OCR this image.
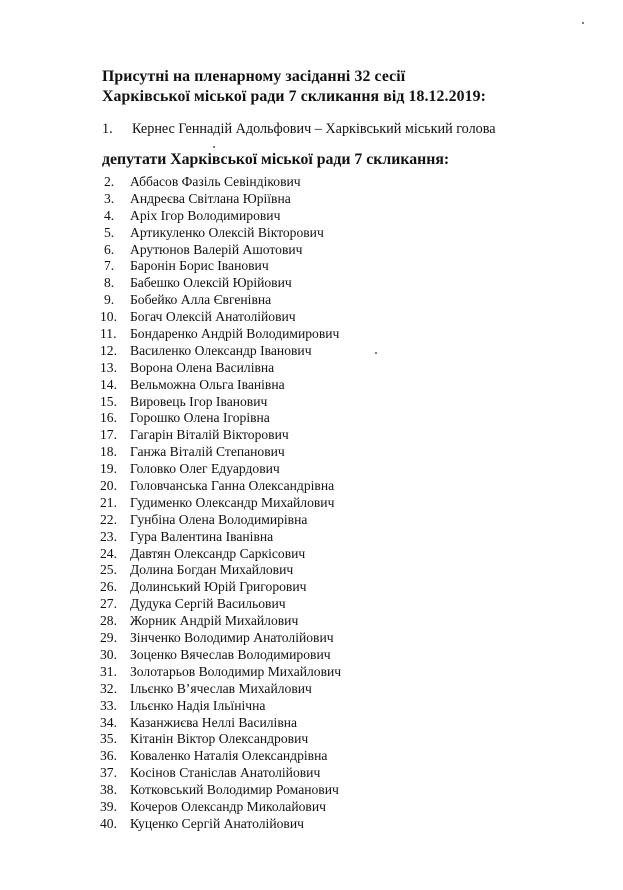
Присутні на пленарному засіданні 32 сесії
Харківської міської ради 7 скликання від 18.12.2019:
1. Кернес Геннадій Адольфович – Харківський міський голова
депутати Харківської міської ради 7 скликання:
2. Аббасов Фазіль Севіндікович
3. Андреєва Світлана Юріївна
4. Аріх Ігор Володимирович
5. Артикуленко Олексій Вікторович
6. Арутюнов Валерій Ашотович
7. Баронін Борис Іванович
8. Бабешко Олексій Юрійович
9. Бобейко Алла Євгенівна
10. Богач Олексій Анатолійович
11. Бондаренко Андрій Володимирович
12. Василенко Олександр Іванович
13. Ворона Олена Василівна
14. Вельможна Ольга Іванівна
15. Вировець Ігор Іванович
16. Горошко Олена Ігорівна
17. Гагарін Віталій Вікторович
18. Ганжа Віталій Степанович
19. Головко Олег Едуардович
20. Головчанська Ганна Олександрівна
21. Гудименко Олександр Михайлович
22. Гунбіна Олена Володимирівна
23. Гура Валентина Іванівна
24. Давтян Олександр Саркісович
25. Долина Богдан Михайлович
26. Долинський Юрій Григорович
27. Дудука Сергій Васильович
28. Жорник Андрій Михайлович
29. Зінченко Володимир Анатолійович
30. Зоценко Вячеслав Володимирович
31. Золотарьов Володимир Михайлович
32. Ільєнко В’ячеслав Михайлович
33. Ільєнко Надія Ільїнічна
34. Казанжиєва Неллі Василівна
35. Кітанін Віктор Олександрович
36. Коваленко Наталія Олександрівна
37. Косінов Станіслав Анатолійович
38. Котковський Володимир Романович
39. Кочеров Олександр Миколайович
40. Куценко Сергій Анатолійович
